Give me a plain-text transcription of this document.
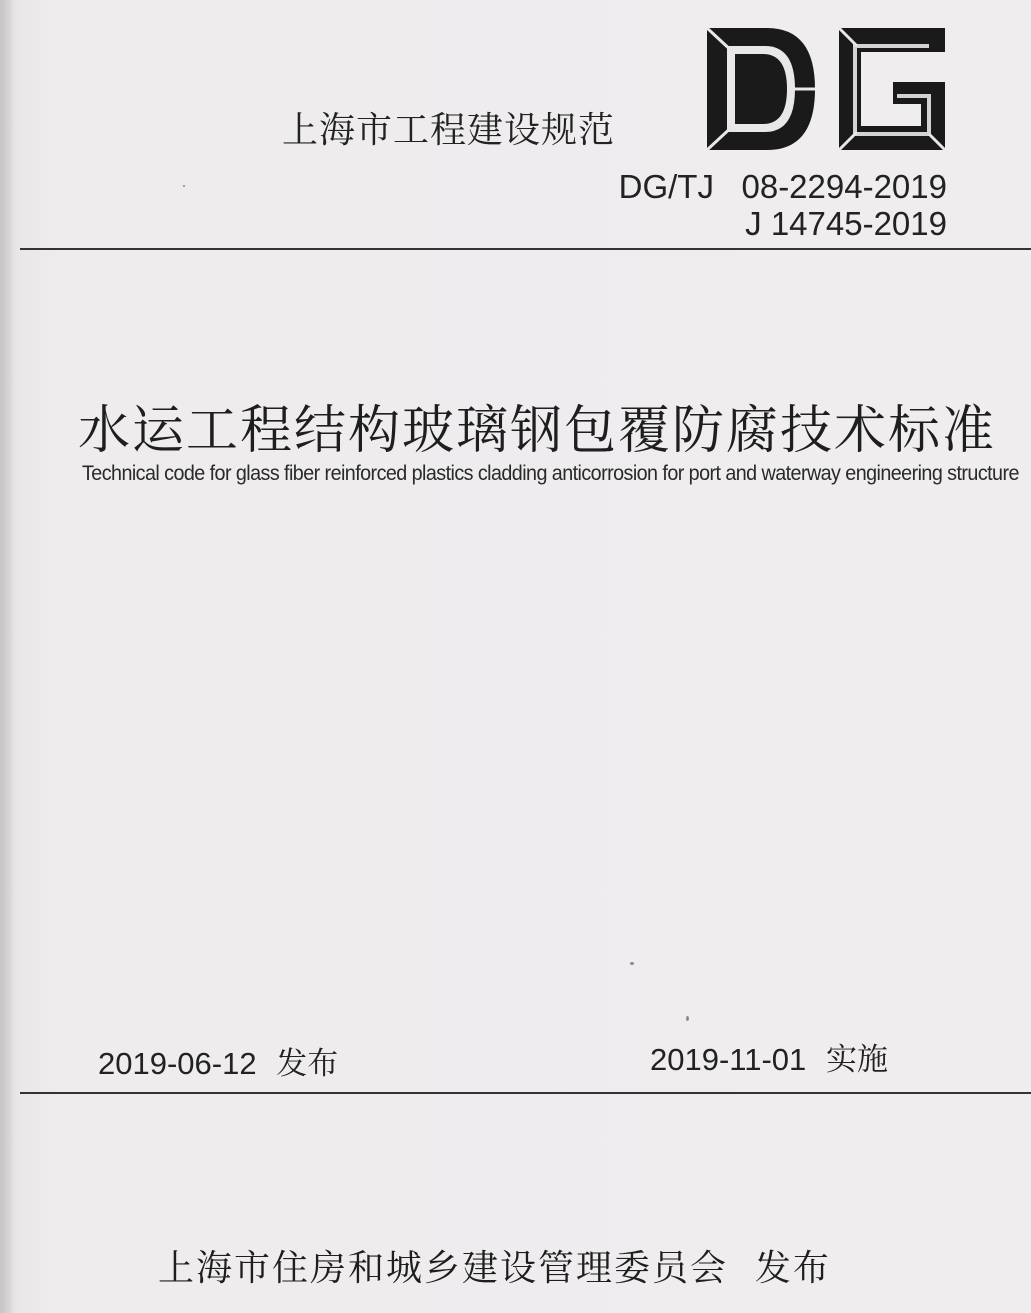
上海市工程建设规范
DG/TJ 08-2294-2019
J 14745-2019
水运工程结构玻璃钢包覆防腐技术标准
Technical code for glass fiber reinforced plastics cladding anticorrosion for port and waterway engineering structure
2019-06-12 发布	2019-11-01 实施
上海市住房和城乡建设管理委员会 发布
